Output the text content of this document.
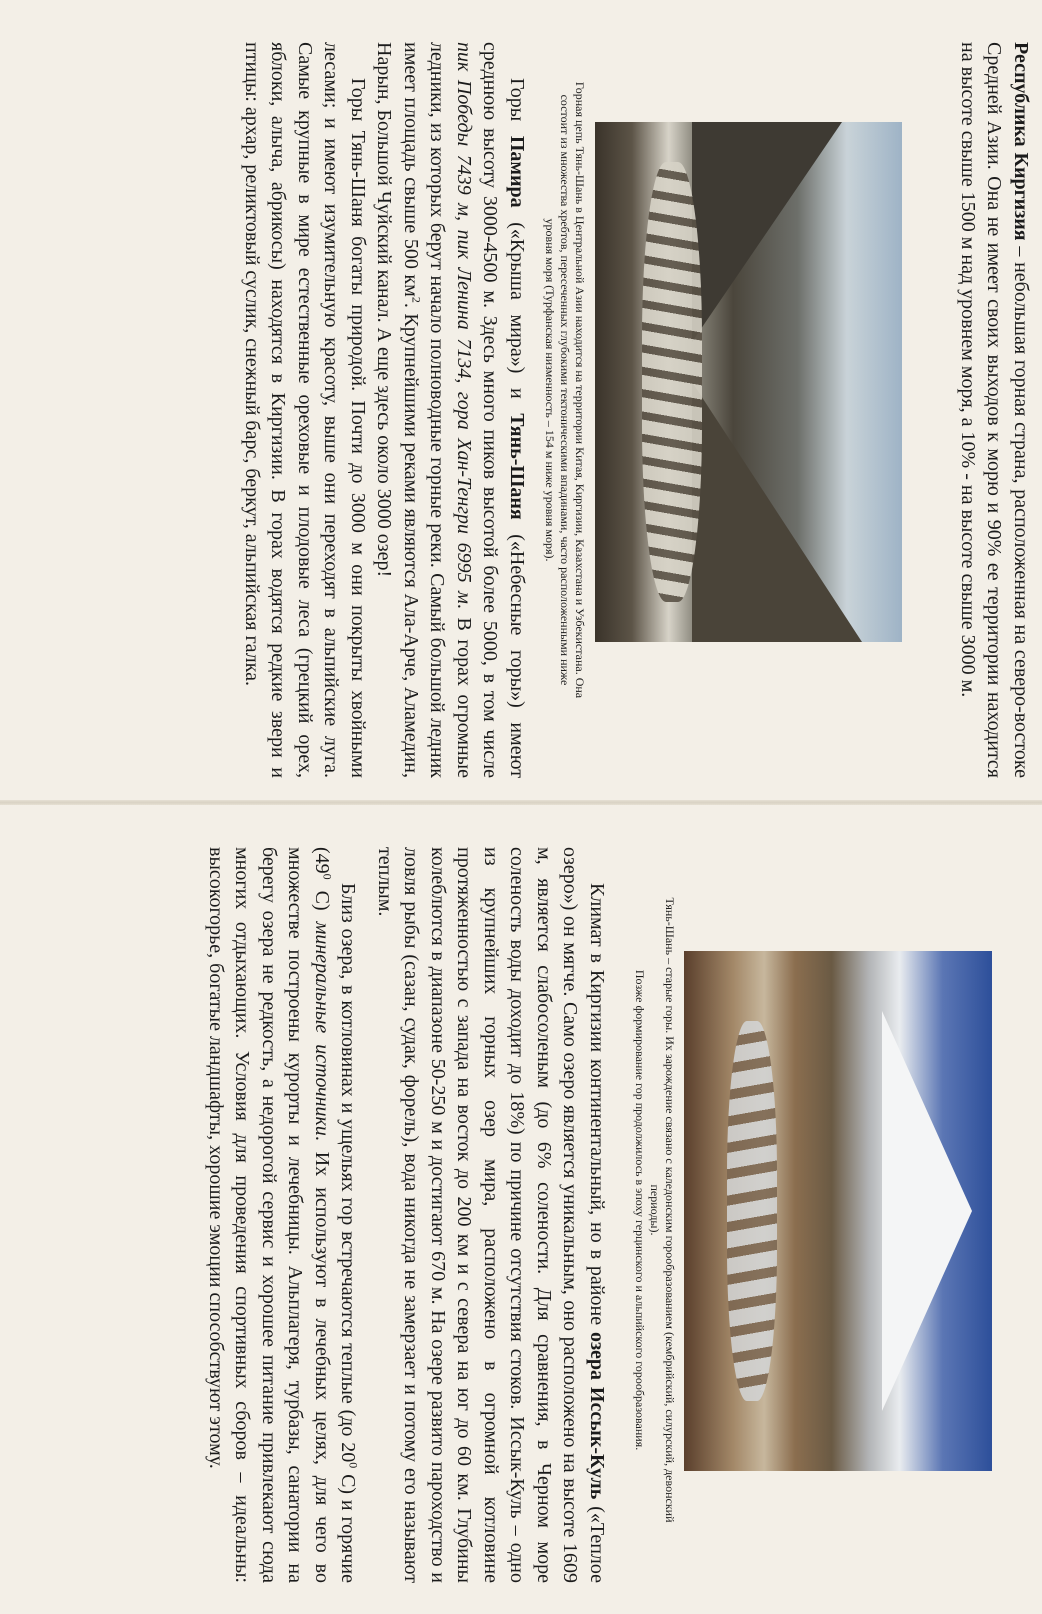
Республика Киргизия – небольшая горная страна, расположенная на северо-востоке Средней Азии. Она не имеет своих выходов к морю и 90% ее территории находится на высоте свыше 1500 м над уровнем моря, а 10% - на высоте свыше 3000 м.

Горная цепь Тянь-Шань в Центральной Азии находится на территории Китая, Киргизии, Казахстана и Узбекистана. Она состоит из множества хребтов, пересеченных глубокими тектоническими впадинами, часто расположенными ниже уровня моря (Турфанская низменность – 154 м ниже уровня моря).

Горы Памира («Крыша мира») и Тянь-Шаня («Небесные горы») имеют среднюю высоту 3000-4500 м. Здесь много пиков высотой более 5000, в том числе пик Победы 7439 м, пик Ленина 7134, гора Хан-Тенгри 6995 м. В горах огромные ледники, из которых берут начало полноводные горные реки. Самый большой ледник имеет площадь свыше 500 $км^2$. Крупнейшими реками являются Ала-Арче, Аламедин, Нарын, Большой Чуйский канал. А еще здесь около 3000 озер!

Горы Тянь-Шаня богаты природой. Почти до 3000 м они покрыты хвойными лесами; и имеют изумительную красоту, выше они переходят в альпийские луга. Самые крупные в мире естественные ореховые и плодовые леса (грецкий орех, яблоки, алыча, абрикосы) находятся в Киргизии. В горах водятся редкие звери и птицы: архар, реликтовый суслик, снежный барс, беркут, альпийская галка.

Тянь-Шань – старые горы. Их зарождение связано с каледонским горообразованием (кембрийский, силурский, девонский периоды).
Позже формирование гор продолжилось в эпоху герцинского и альпийского горообразования.

Климат в Киргизии континентальный, но в районе озера Иссык-Куль («Теплое озеро») он мягче. Само озеро является уникальным, оно расположено на высоте 1609 м, является слабосоленым (до 6% солености. Для сравнения, в Черном море соленость воды доходит до 18%) по причине отсутствия стоков. Иссык-Куль – одно из крупнейших горных озер мира, расположено в огромной котловине протяженностью с запада на восток до 200 км и с севера на юг до 60 км. Глубины колеблются в диапазоне 50-250 м и достигают 670 м. На озере развито пароходство и ловля рыбы (сазан, судак, форель), вода никогда не замерзает и потому его называют теплым.

Близ озера, в котловинах и ущельях гор встречаются теплые (до $20^0$ С) и горячие ($49^0$ С) минеральные источники. Их используют в лечебных целях, для чего во множестве построены курорты и лечебницы. Альплагеря, турбазы, санатории на берегу озера не редкость, а недорогой сервис и хорошее питание привлекают сюда многих отдыхающих. Условия для проведения спортивных сборов – идеальны: высокогорье, богатые ландшафты, хорошие эмоции способствуют этому.
